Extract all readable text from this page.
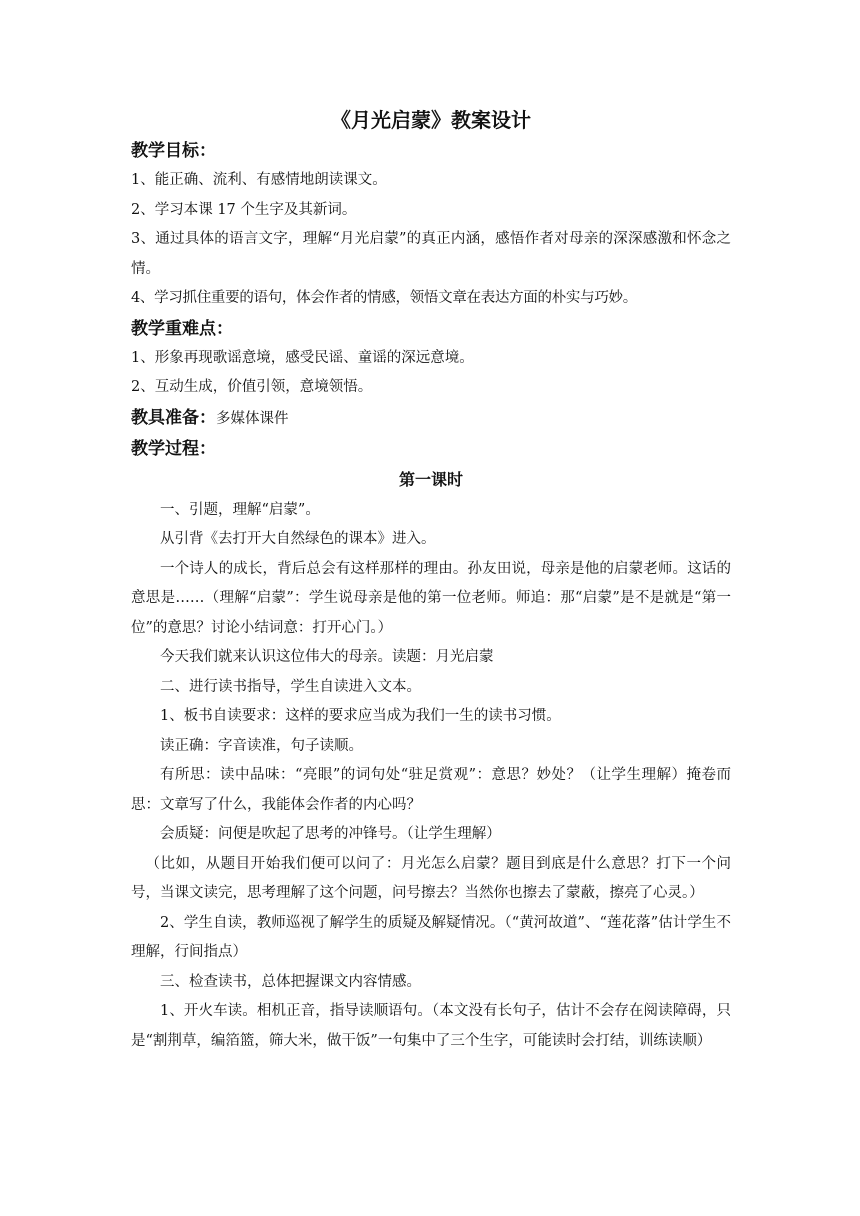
《月光启蒙》教案设计
教学目标：

1、能正确、流利、有感情地朗读课文。

2、学习本课 17 个生字及其新词。

3、通过具体的语言文字，理解“月光启蒙”的真正内涵，感悟作者对母亲的深深感激和怀念之情。

4、学习抓住重要的语句，体会作者的情感，领悟文章在表达方面的朴实与巧妙。

教学重难点：

1、形象再现歌谣意境，感受民谣、童谣的深远意境。

2、互动生成，价值引领，意境领悟。

教具准备：多媒体课件

教学过程：
第一课时

一、引题，理解“启蒙”。

从引背《去打开大自然绿色的课本》进入。

一个诗人的成长，背后总会有这样那样的理由。孙友田说，母亲是他的启蒙老师。这话的意思是……（理解“启蒙”：学生说母亲是他的第一位老师。师追：那“启蒙”是不是就是“第一位”的意思？讨论小结词意：打开心门。）

今天我们就来认识这位伟大的母亲。读题：月光启蒙

二、进行读书指导，学生自读进入文本。

1、板书自读要求：这样的要求应当成为我们一生的读书习惯。

读正确：字音读准，句子读顺。

有所思：读中品味：“亮眼”的词句处“驻足赏观”：意思？妙处？（让学生理解）掩卷而思：文章写了什么，我能体会作者的内心吗？

会质疑：问便是吹起了思考的冲锋号。（让学生理解）

（比如，从题目开始我们便可以问了：月光怎么启蒙？题目到底是什么意思？打下一个问号，当课文读完，思考理解了这个问题，问号擦去？当然你也擦去了蒙蔽，擦亮了心灵。）

2、学生自读，教师巡视了解学生的质疑及解疑情况。（“黄河故道”、“莲花落”估计学生不理解，行间指点）

三、检查读书，总体把握课文内容情感。

1、开火车读。相机正音，指导读顺语句。（本文没有长句子，估计不会存在阅读障碍，只是“割荆草，编箔篮，筛大米，做干饭”一句集中了三个生字，可能读时会打结，训练读顺）
